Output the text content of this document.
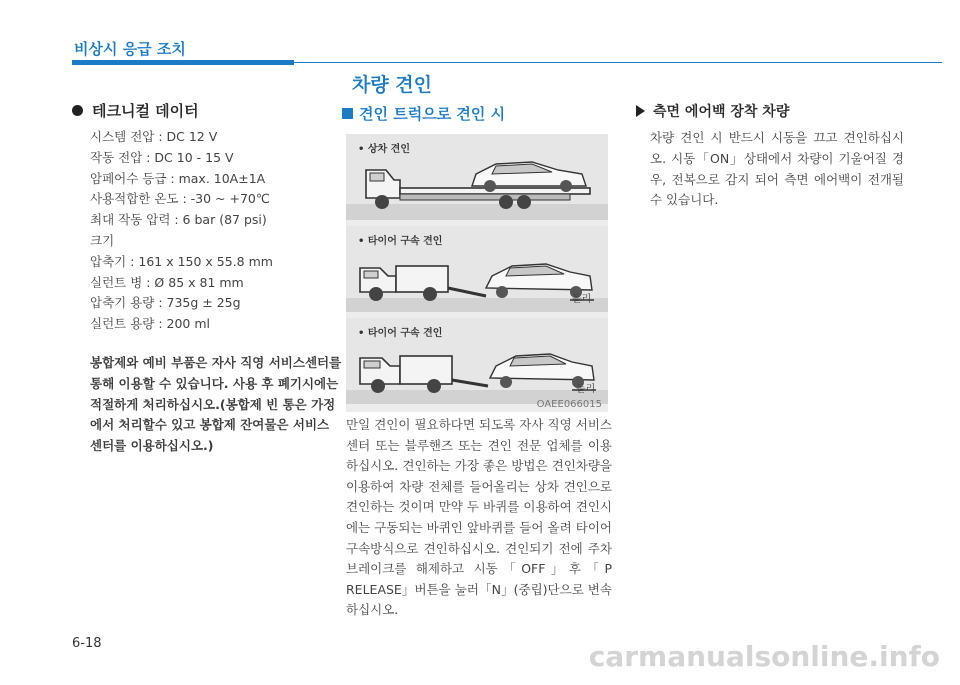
비상시 응급 조치
테크니컬 데이터
시스템 전압 : DC 12 V
작동 전압 : DC 10 - 15 V
암페어수 등급 : max. 10A±1A
사용적합한 온도 : -30 ~ +70℃
최대 작동 압력 : 6 bar (87 psi)
크기
압축기 : 161 x 150 x 55.8 mm
실런트 병 : Ø 85 x 81 mm
압축기 용량 : 735g ± 25g
실런트 용량 : 200 ml
봉합제와 예비 부품은 자사 직영 서비스센터를 통해 이용할 수 있습니다. 사용 후 폐기시에는 적절하게 처리하십시오.(봉합제 빈 통은 가정에서 처리할수 있고 봉합제 잔여물은 서비스 센터를 이용하십시오.)
차량 견인
견인 트럭으로 견인 시
• 상차 견인
• 타이어 구속 견인
돌리
• 타이어 구속 견인
돌리
OAEE066015
만일 견인이 필요하다면 되도록 자사 직영 서비스센터 또는 블루핸즈 또는 견인 전문 업체를 이용하십시오. 견인하는 가장 좋은 방법은 견인차량을 이용하여 차량 전체를 들어올리는 상차 견인으로 견인하는 것이며 만약 두 바퀴를 이용하여 견인시에는 구동되는 바퀴인 앞바퀴를 들어 올려 타이어 구속방식으로 견인하십시오. 견인되기 전에 주차 브레이크를 해제하고 시동「OFF」후「P RELEASE」버튼을 눌러「N」(중립)단으로 변속하십시오.
측면 에어백 장착 차량
차량 견인 시 반드시 시동을 끄고 견인하십시오. 시동「ON」상태에서 차량이 기울어질 경우, 전복으로 감지 되어 측면 에어백이 전개될 수 있습니다.
6-18	carmanualsonline.info
